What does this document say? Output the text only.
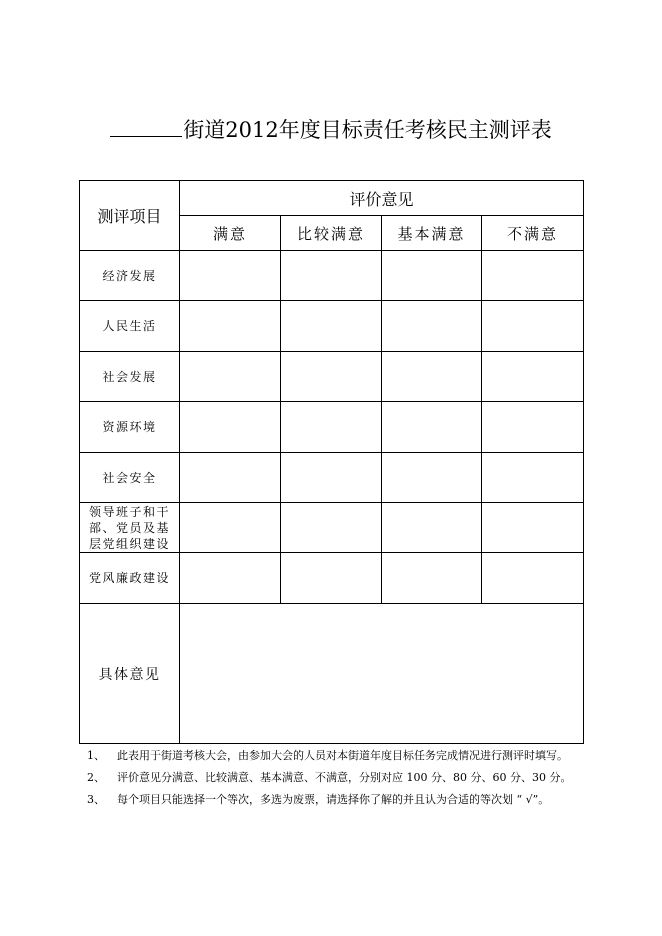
街道2012年度目标责任考核民主测评表
测评项目	评价意见			
	满意	比较满意	基本满意	不满意
经济发展				
人民生活				
社会发展				
资源环境				
社会安全				
领导班子和干部、党员及基层党组织建设				
党风廉政建设				
具体意见				
1、	此表用于街道考核大会，由参加大会的人员对本街道年度目标任务完成情况进行测评时填写。
2、	评价意见分满意、比较满意、基本满意、不满意，分别对应 100 分、80 分、60 分、30 分。
3、	每个项目只能选择一个等次，多选为废票，请选择你了解的并且认为合适的等次划 “ √”。
